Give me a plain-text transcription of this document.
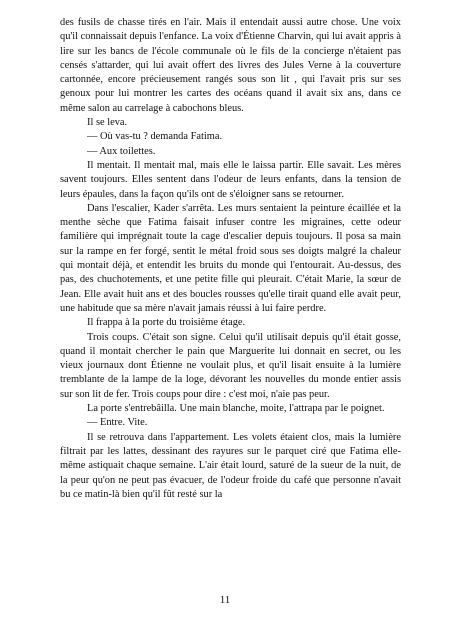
des fusils de chasse tirés en l'air. Mais il entendait aussi autre chose. Une voix qu'il connaissait depuis l'enfance. La voix d'Étienne Charvin, qui lui avait appris à lire sur les bancs de l'école communale où le fils de la concierge n'étaient pas censés s'attarder, qui lui avait offert des livres des Jules Verne à la couverture cartonnée, encore précieusement rangés sous son lit , qui l'avait pris sur ses genoux pour lui montrer les cartes des océans quand il avait six ans, dans ce même salon au carrelage à cabochons bleus.

Il se leva.

— Où vas-tu ? demanda Fatima.

— Aux toilettes.

Il mentait. Il mentait mal, mais elle le laissa partir. Elle savait. Les mères savent toujours. Elles sentent dans l'odeur de leurs enfants, dans la tension de leurs épaules, dans la façon qu'ils ont de s'éloigner sans se retourner.

Dans l'escalier, Kader s'arrêta. Les murs sentaient la peinture écaillée et la menthe sèche que Fatima faisait infuser contre les migraines, cette odeur familière qui imprégnait toute la cage d'escalier depuis toujours. Il posa sa main sur la rampe en fer forgé, sentit le métal froid sous ses doigts malgré la chaleur qui montait déjà, et entendit les bruits du monde qui l'entourait. Au-dessus, des pas, des chuchotements, et une petite fille qui pleurait. C'était Marie, la sœur de Jean. Elle avait huit ans et des boucles rousses qu'elle tirait quand elle avait peur, une habitude que sa mère n'avait jamais réussi à lui faire perdre.

Il frappa à la porte du troisième étage.

Trois coups. C'était son signe. Celui qu'il utilisait depuis qu'il était gosse, quand il montait chercher le pain que Marguerite lui donnait en secret, ou les vieux journaux dont Étienne ne voulait plus, et qu'il lisait ensuite à la lumière tremblante de la lampe de la loge, dévorant les nouvelles du monde entier assis sur son lit de fer. Trois coups pour dire : c'est moi, n'aie pas peur.

La porte s'entrebâilla. Une main blanche, moite, l'attrapa par le poignet.

— Entre. Vite.

Il se retrouva dans l'appartement. Les volets étaient clos, mais la lumière filtrait par les lattes, dessinant des rayures sur le parquet ciré que Fatima elle-même astiquait chaque semaine. L'air était lourd, saturé de la sueur de la nuit, de la peur qu'on ne peut pas évacuer, de l'odeur froide du café que personne n'avait bu ce matin-là bien qu'il fût resté sur la

11
